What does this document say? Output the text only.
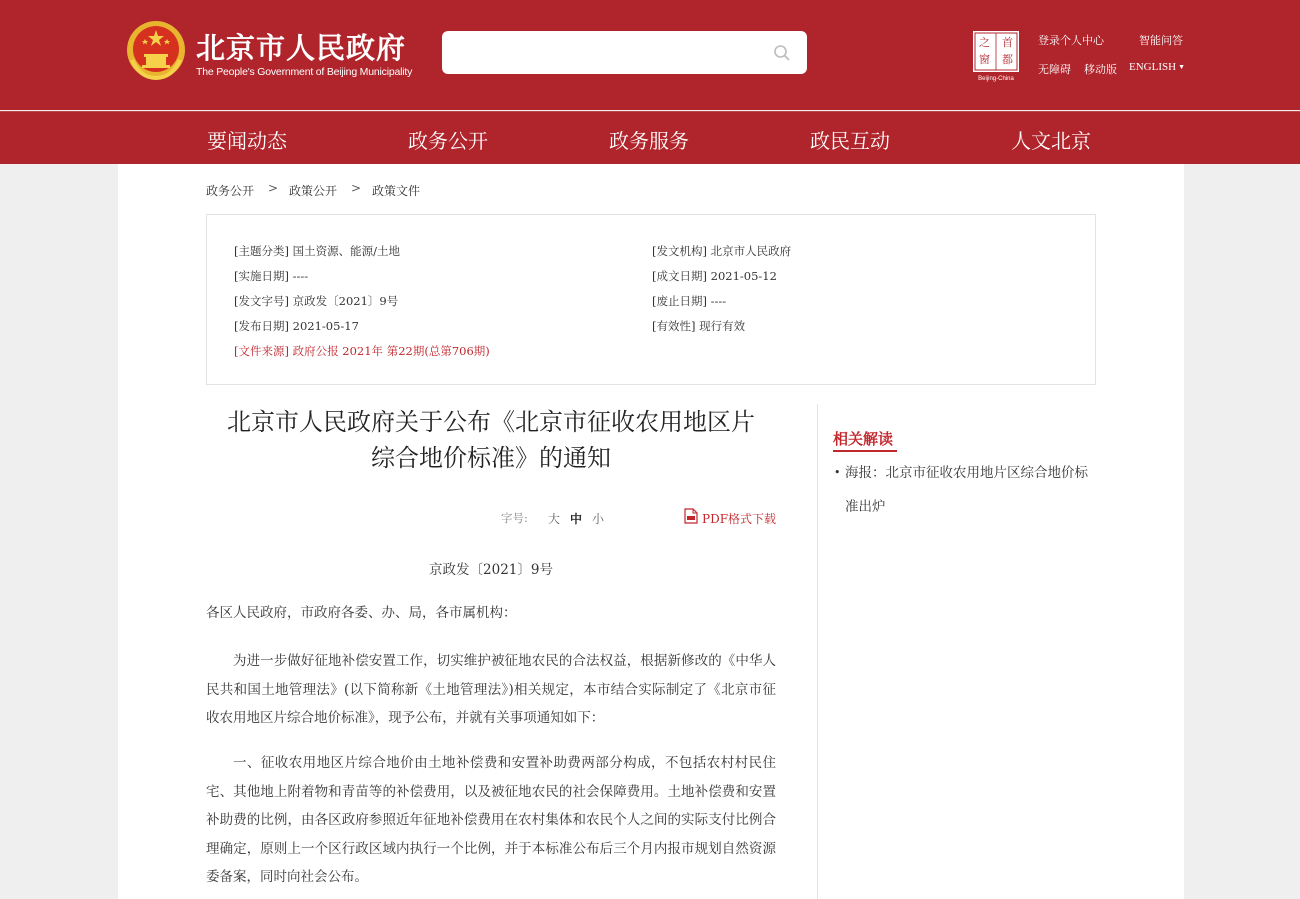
北京市人民政府
The People's Government of Beijing Municipality
首
都
之
窗
Beijing-China
登录个人中心	智能问答
无障碍 移动版 ENGLISH ▼
要闻动态	政务公开	政务服务	政民互动	人文北京
政务公开 > 政策公开 > 政策文件
[主题分类] 国土资源、能源/土地	[发文机构] 北京市人民政府
[实施日期] ----	[成文日期] 2021-05-12
[发文字号] 京政发〔2021〕9号	[废止日期] ----
[发布日期] 2021-05-17	[有效性] 现行有效
[文件来源] 政府公报 2021年 第22期(总第706期)
北京市人民政府关于公布《北京市征收农用地区片
综合地价标准》的通知
字号: 大 中 小	PDF格式下载
京政发〔2021〕9号
各区人民政府，市政府各委、办、局，各市属机构：
为进一步做好征地补偿安置工作，切实维护被征地农民的合法权益，根据新修改的《中华人民共和国土地管理法》(以下简称新《土地管理法》)相关规定，本市结合实际制定了《北京市征收农用地区片综合地价标准》，现予公布，并就有关事项通知如下：
一、征收农用地区片综合地价由土地补偿费和安置补助费两部分构成，不包括农村村民住宅、其他地上附着物和青苗等的补偿费用，以及被征地农民的社会保障费用。土地补偿费和安置补助费的比例，由各区政府参照近年征地补偿费用在农村集体和农民个人之间的实际支付比例合理确定，原则上一个区行政区域内执行一个比例，并于本标准公布后三个月内报市规划自然资源委备案，同时向社会公布。
相关解读
• 海报：北京市征收农用地片区综合地价标准出炉
